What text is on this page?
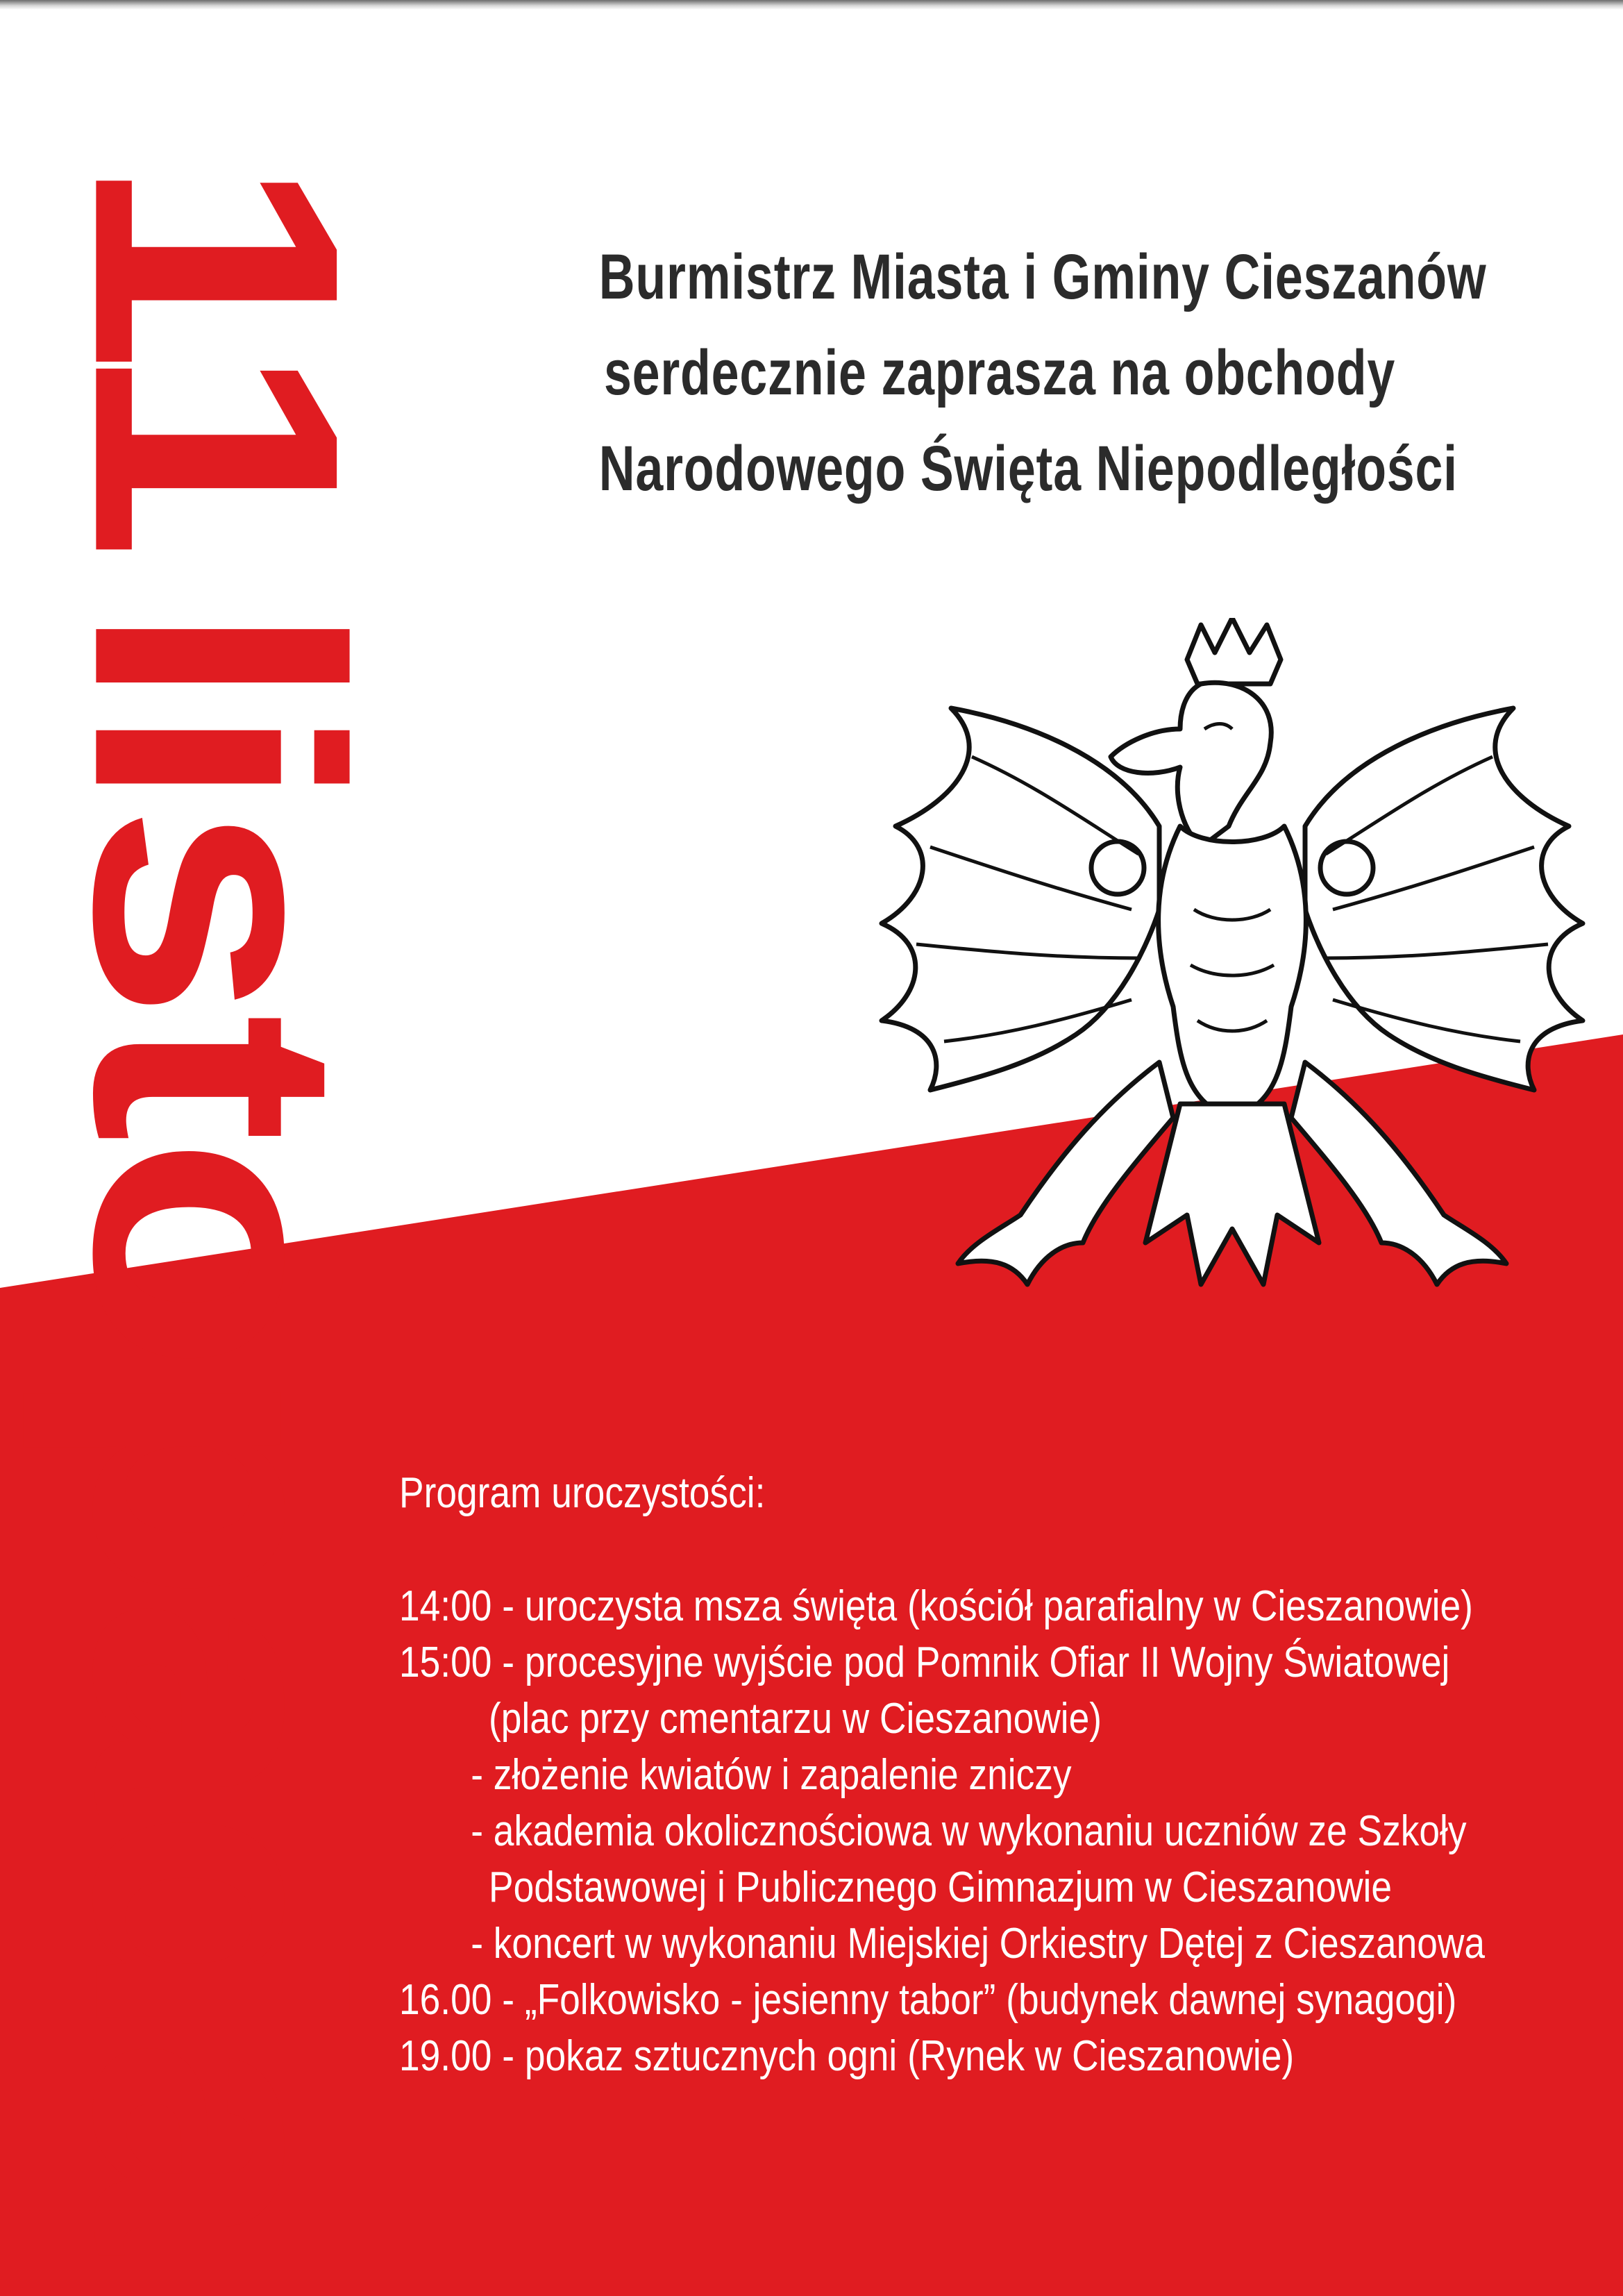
11listopada
Burmistrz Miasta i Gminy Cieszanów
serdecznie zaprasza na obchody
Narodowego Święta Niepodległości
Program uroczystości:
14:00 - uroczysta msza święta (kościół parafialny w Cieszanowie)
15:00 - procesyjne wyjście pod Pomnik Ofiar II Wojny Światowej
(plac przy cmentarzu w Cieszanowie)
- złożenie kwiatów i zapalenie zniczy
- akademia okolicznościowa w wykonaniu uczniów ze Szkoły
Podstawowej i Publicznego Gimnazjum w Cieszanowie
- koncert w wykonaniu Miejskiej Orkiestry Dętej z Cieszanowa
16.00 - „Folkowisko - jesienny tabor” (budynek dawnej synagogi)
19.00 - pokaz sztucznych ogni (Rynek w Cieszanowie)
